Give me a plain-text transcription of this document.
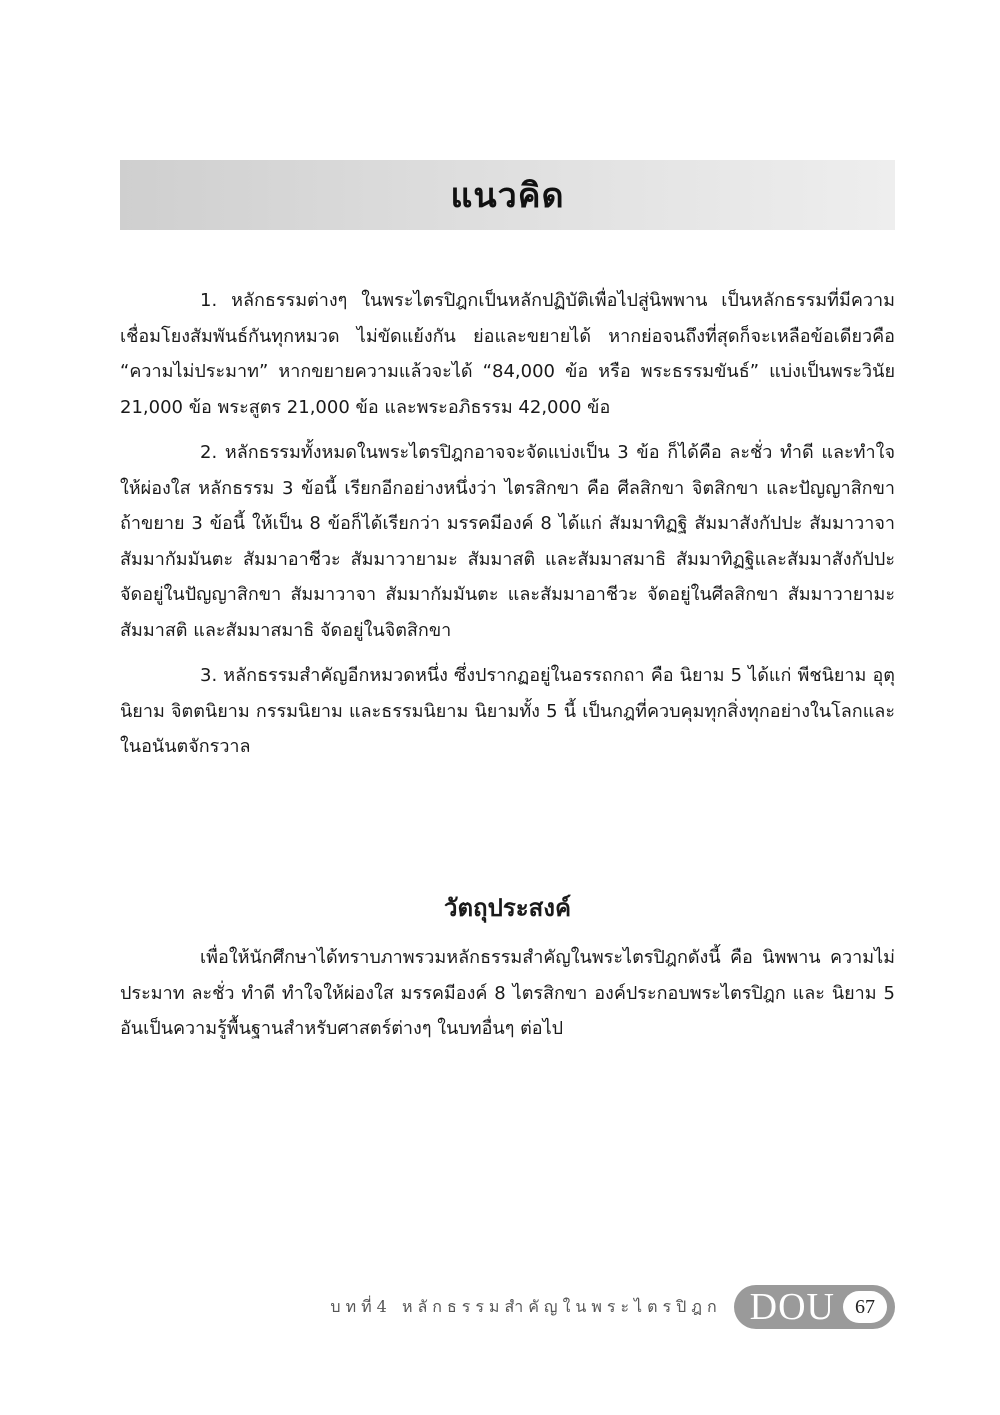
แนวคิด

1. หลักธรรมต่างๆ ในพระไตรปิฎกเป็นหลักปฏิบัติเพื่อไปสู่นิพพาน เป็นหลักธรรมที่มีความเชื่อมโยงสัมพันธ์กันทุกหมวด ไม่ขัดแย้งกัน ย่อและขยายได้ หากย่อจนถึงที่สุดก็จะเหลือข้อเดียวคือ “ความไม่ประมาท” หากขยายความแล้วจะได้ “84,000 ข้อ หรือ พระธรรมขันธ์” แบ่งเป็นพระวินัย 21,000 ข้อ พระสูตร 21,000 ข้อ และพระอภิธรรม 42,000 ข้อ

2. หลักธรรมทั้งหมดในพระไตรปิฎกอาจจะจัดแบ่งเป็น 3 ข้อ ก็ได้คือ ละชั่ว ทำดี และทำใจให้ผ่องใส หลักธรรม 3 ข้อนี้ เรียกอีกอย่างหนึ่งว่า ไตรสิกขา คือ ศีลสิกขา จิตสิกขา และปัญญาสิกขา ถ้าขยาย 3 ข้อนี้ ให้เป็น 8 ข้อก็ได้เรียกว่า มรรคมีองค์ 8 ได้แก่ สัมมาทิฏฐิ สัมมาสังกัปปะ สัมมาวาจา สัมมากัมมันตะ สัมมาอาชีวะ สัมมาวายามะ สัมมาสติ และสัมมาสมาธิ สัมมาทิฏฐิและสัมมาสังกัปปะ จัดอยู่ในปัญญาสิกขา สัมมาวาจา สัมมากัมมันตะ และสัมมาอาชีวะ จัดอยู่ในศีลสิกขา สัมมาวายามะ สัมมาสติ และสัมมาสมาธิ จัดอยู่ในจิตสิกขา

3. หลักธรรมสำคัญอีกหมวดหนึ่ง ซึ่งปรากฏอยู่ในอรรถกถา คือ นิยาม 5 ได้แก่ พีชนิยาม อุตุนิยาม จิตตนิยาม กรรมนิยาม และธรรมนิยาม นิยามทั้ง 5 นี้ เป็นกฎที่ควบคุมทุกสิ่งทุกอย่างในโลกและในอนันตจักรวาล

วัตถุประสงค์

เพื่อให้นักศึกษาได้ทราบภาพรวมหลักธรรมสำคัญในพระไตรปิฎกดังนี้ คือ นิพพาน ความไม่ประมาท ละชั่ว ทำดี ทำใจให้ผ่องใส มรรคมีองค์ 8 ไตรสิกขา องค์ประกอบพระไตรปิฎก และ นิยาม 5 อันเป็นความรู้พื้นฐานสำหรับศาสตร์ต่างๆ ในบทอื่นๆ ต่อไป

บทที่4 หลักธรรมสำคัญในพระไตรปิฎก DOU	67
